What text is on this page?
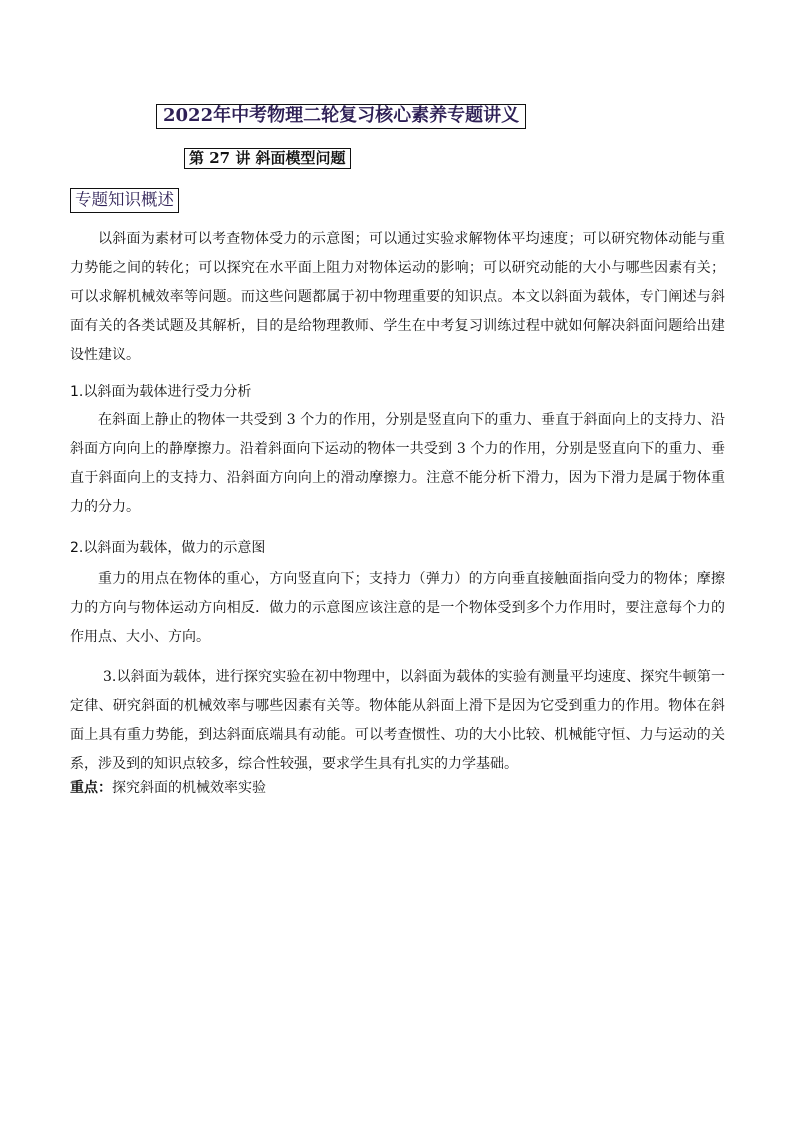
2022年中考物理二轮复习核心素养专题讲义
第 27 讲 斜面模型问题
专题知识概述

以斜面为素材可以考查物体受力的示意图；可以通过实验求解物体平均速度；可以研究物体动能与重力势能之间的转化；可以探究在水平面上阻力对物体运动的影响；可以研究动能的大小与哪些因素有关；可以求解机械效率等问题。而这些问题都属于初中物理重要的知识点。本文以斜面为载体，专门阐述与斜面有关的各类试题及其解析，目的是给物理教师、学生在中考复习训练过程中就如何解决斜面问题给出建设性建议。

1.以斜面为载体进行受力分析

在斜面上静止的物体一共受到 3 个力的作用，分别是竖直向下的重力、垂直于斜面向上的支持力、沿斜面方向向上的静摩擦力。沿着斜面向下运动的物体一共受到 3 个力的作用，分别是竖直向下的重力、垂直于斜面向上的支持力、沿斜面方向向上的滑动摩擦力。注意不能分析下滑力，因为下滑力是属于物体重力的分力。

2.以斜面为载体，做力的示意图

重力的用点在物体的重心，方向竖直向下；支持力（弹力）的方向垂直接触面指向受力的物体；摩擦力的方向与物体运动方向相反．做力的示意图应该注意的是一个物体受到多个力作用时，要注意每个力的作用点、大小、方向。

3.以斜面为载体，进行探究实验在初中物理中，以斜面为载体的实验有测量平均速度、探究牛顿第一定律、研究斜面的机械效率与哪些因素有关等。物体能从斜面上滑下是因为它受到重力的作用。物体在斜面上具有重力势能，到达斜面底端具有动能。可以考查惯性、功的大小比较、机械能守恒、力与运动的关系，涉及到的知识点较多，综合性较强，要求学生具有扎实的力学基础。

重点：探究斜面的机械效率实验
